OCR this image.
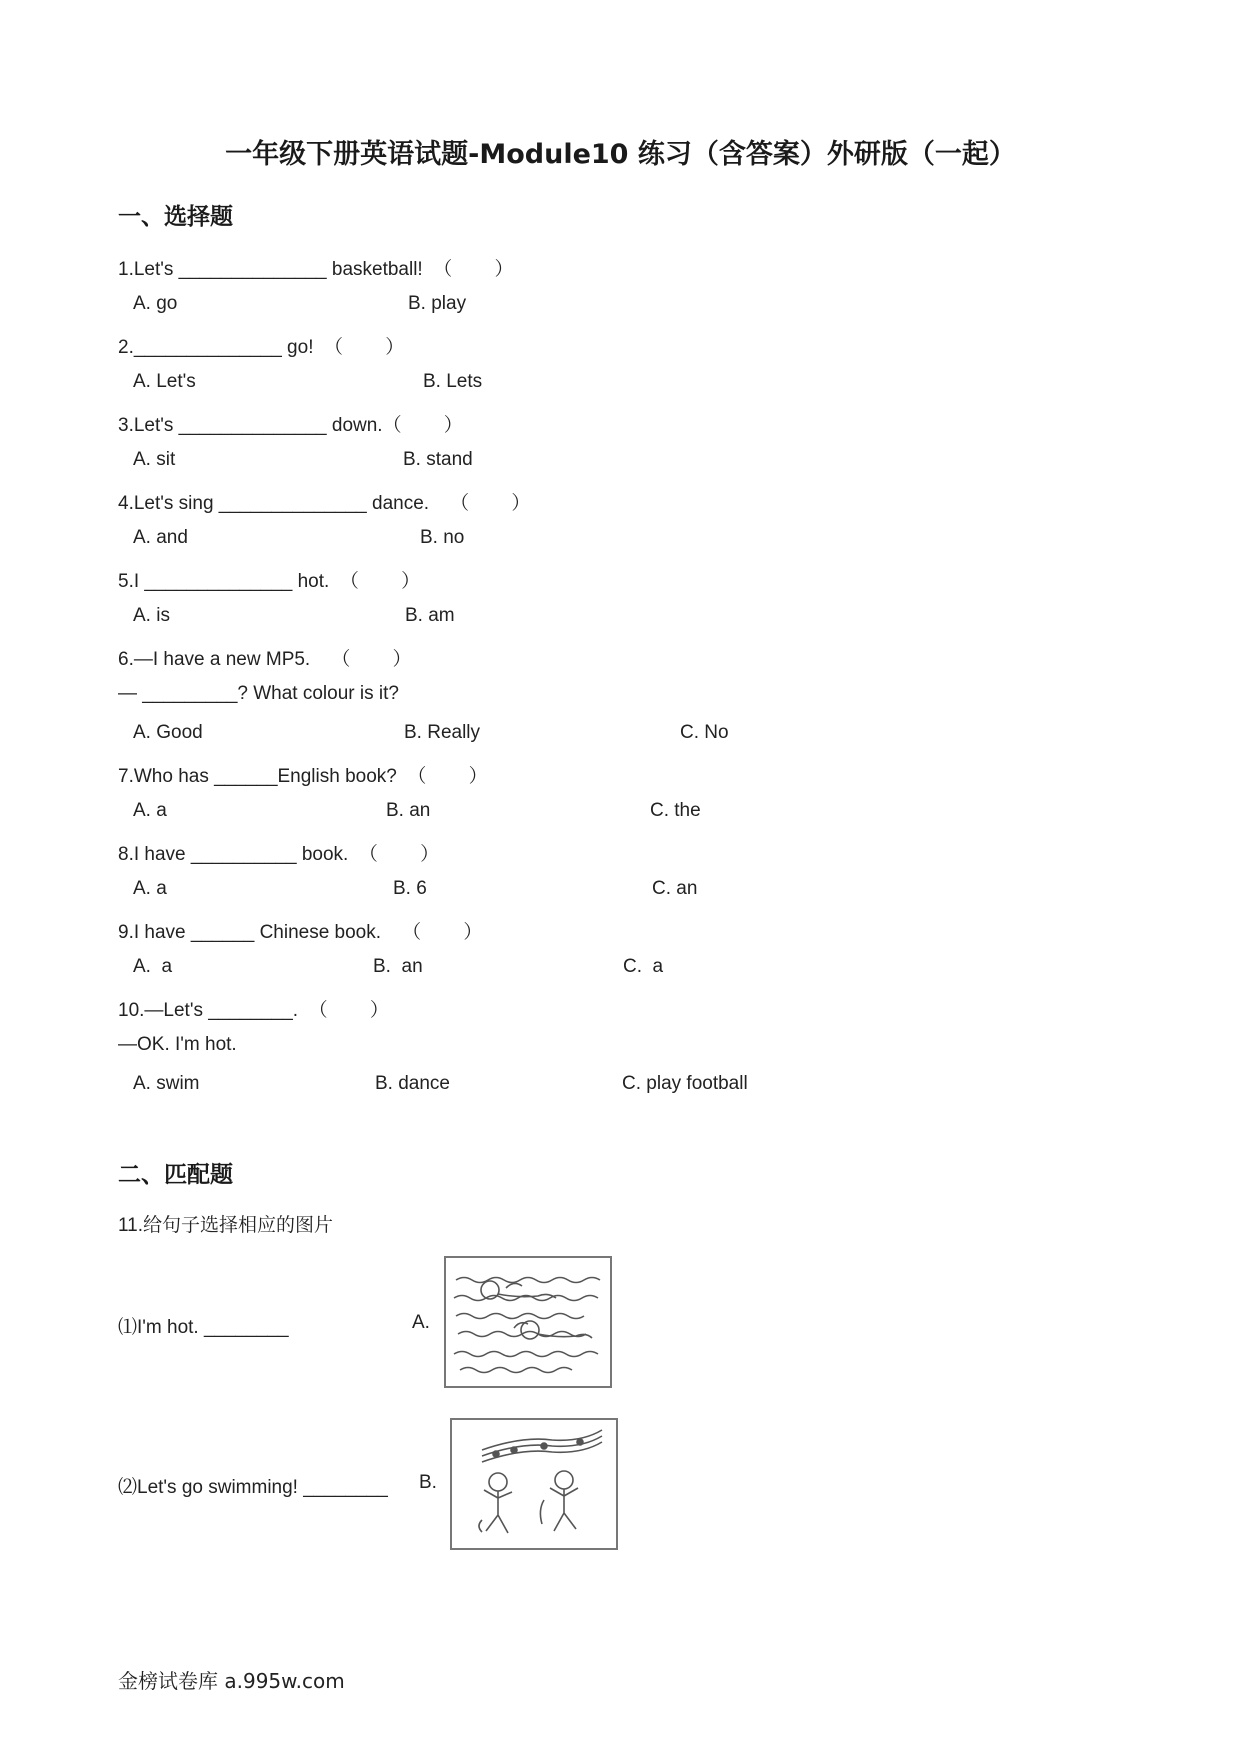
一年级下册英语试题-Module10 练习（含答案）外研版（一起）
一、选择题
1.Let's ______________ basketball!  （        ）
A. go	B. play
2.______________ go!  （        ）
A. Let's	B. Lets
3.Let's ______________ down.（        ）
A. sit	B. stand
4.Let's sing ______________ dance.    （        ）
A. and	B. no
5.I ______________ hot.  （        ）
A. is	B. am
6.—I have a new MP5.    （        ）
— _________? What colour is it?
A. Good	B. Really	C. No
7.Who has ______English book?  （        ）
A. a	B. an	C. the
8.I have __________ book.  （        ）
A. a	B. 6	C. an
9.I have ______ Chinese book.    （        ）
A.  a	B.  an	C.  a
10.—Let's ________.  （        ）
—OK. I'm hot.
A. swim	B. dance	C. play football
二、匹配题
11.给句子选择相应的图片
⑴I'm hot. ________	A.
⑵Let's go swimming! ________ B.
金榜试卷库 a.995w.com
